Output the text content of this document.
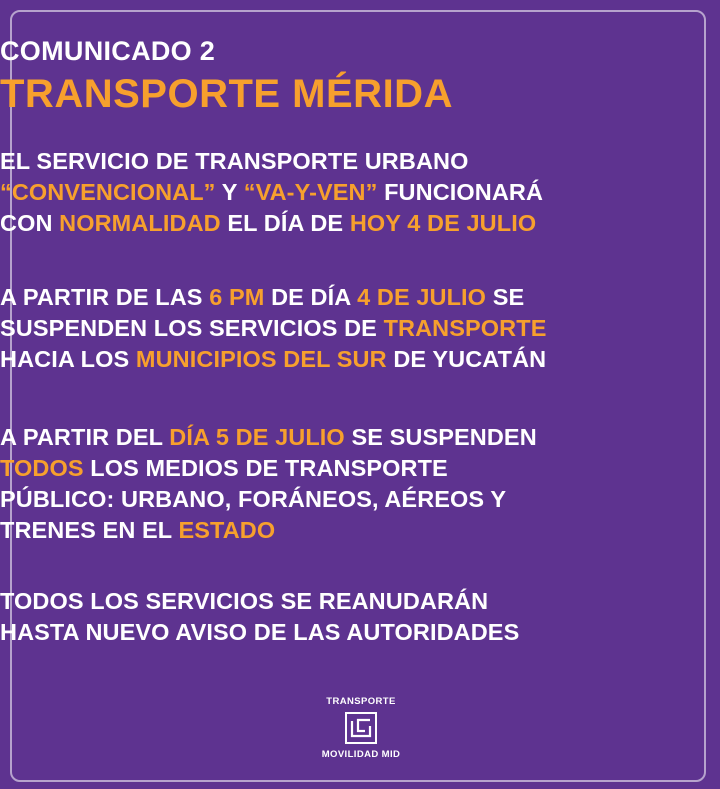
COMUNICADO 2
TRANSPORTE MÉRIDA
EL SERVICIO DE TRANSPORTE URBANO
“CONVENCIONAL” Y “VA-Y-VEN” FUNCIONARÁ
CON NORMALIDAD EL DÍA DE HOY 4 DE JULIO
A PARTIR DE LAS 6 PM DE DÍA 4 DE JULIO SE
SUSPENDEN LOS SERVICIOS DE TRANSPORTE
HACIA LOS MUNICIPIOS DEL SUR DE YUCATÁN
A PARTIR DEL DÍA 5 DE JULIO SE SUSPENDEN
TODOS LOS MEDIOS DE TRANSPORTE
PÚBLICO: URBANO, FORÁNEOS, AÉREOS Y
TRENES EN EL ESTADO
TODOS LOS SERVICIOS SE REANUDARÁN
HASTA NUEVO AVISO DE LAS AUTORIDADES
TRANSPORTE
MOVILIDAD MID
